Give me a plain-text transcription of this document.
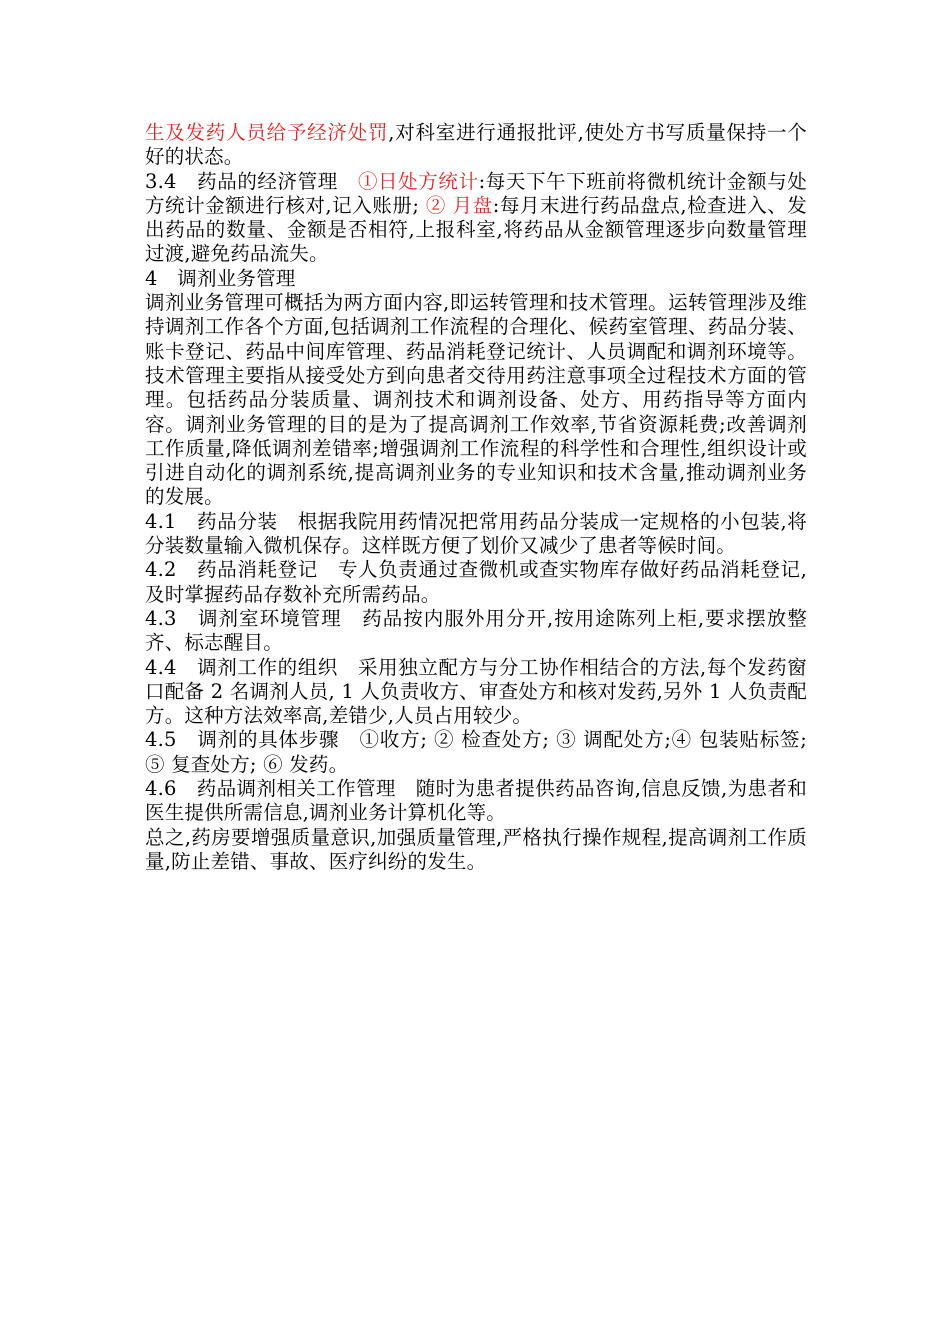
生及发药人员给予经济处罚,对科室进行通报批评,使处方书写质量保持一个好的状态。

3.4　药品的经济管理　①日处方统计:每天下午下班前将微机统计金额与处方统计金额进行核对,记入账册; ② 月盘:每月末进行药品盘点,检查进入、发出药品的数量、金额是否相符,上报科室,将药品从金额管理逐步向数量管理过渡,避免药品流失。

4　调剂业务管理

调剂业务管理可概括为两方面内容,即运转管理和技术管理。运转管理涉及维持调剂工作各个方面,包括调剂工作流程的合理化、候药室管理、药品分装、账卡登记、药品中间库管理、药品消耗登记统计、人员调配和调剂环境等。技术管理主要指从接受处方到向患者交待用药注意事项全过程技术方面的管理。包括药品分装质量、调剂技术和调剂设备、处方、用药指导等方面内容。调剂业务管理的目的是为了提高调剂工作效率,节省资源耗费;改善调剂工作质量,降低调剂差错率;增强调剂工作流程的科学性和合理性,组织设计或引进自动化的调剂系统,提高调剂业务的专业知识和技术含量,推动调剂业务的发展。

4.1　药品分装　根据我院用药情况把常用药品分装成一定规格的小包装,将分装数量输入微机保存。这样既方便了划价又减少了患者等候时间。

4.2　药品消耗登记　专人负责通过查微机或查实物库存做好药品消耗登记,及时掌握药品存数补充所需药品。

4.3　调剂室环境管理　药品按内服外用分开,按用途陈列上柜,要求摆放整齐、标志醒目。

4.4　调剂工作的组织　采用独立配方与分工协作相结合的方法,每个发药窗口配备 2 名调剂人员, 1 人负责收方、审查处方和核对发药,另外 1 人负责配方。这种方法效率高,差错少,人员占用较少。

4.5　调剂的具体步骤　①收方; ② 检查处方; ③ 调配处方;④ 包装贴标签; ⑤ 复查处方; ⑥ 发药。

4.6　药品调剂相关工作管理　随时为患者提供药品咨询,信息反馈,为患者和医生提供所需信息,调剂业务计算机化等。

总之,药房要增强质量意识,加强质量管理,严格执行操作规程,提高调剂工作质量,防止差错、事故、医疗纠纷的发生。
